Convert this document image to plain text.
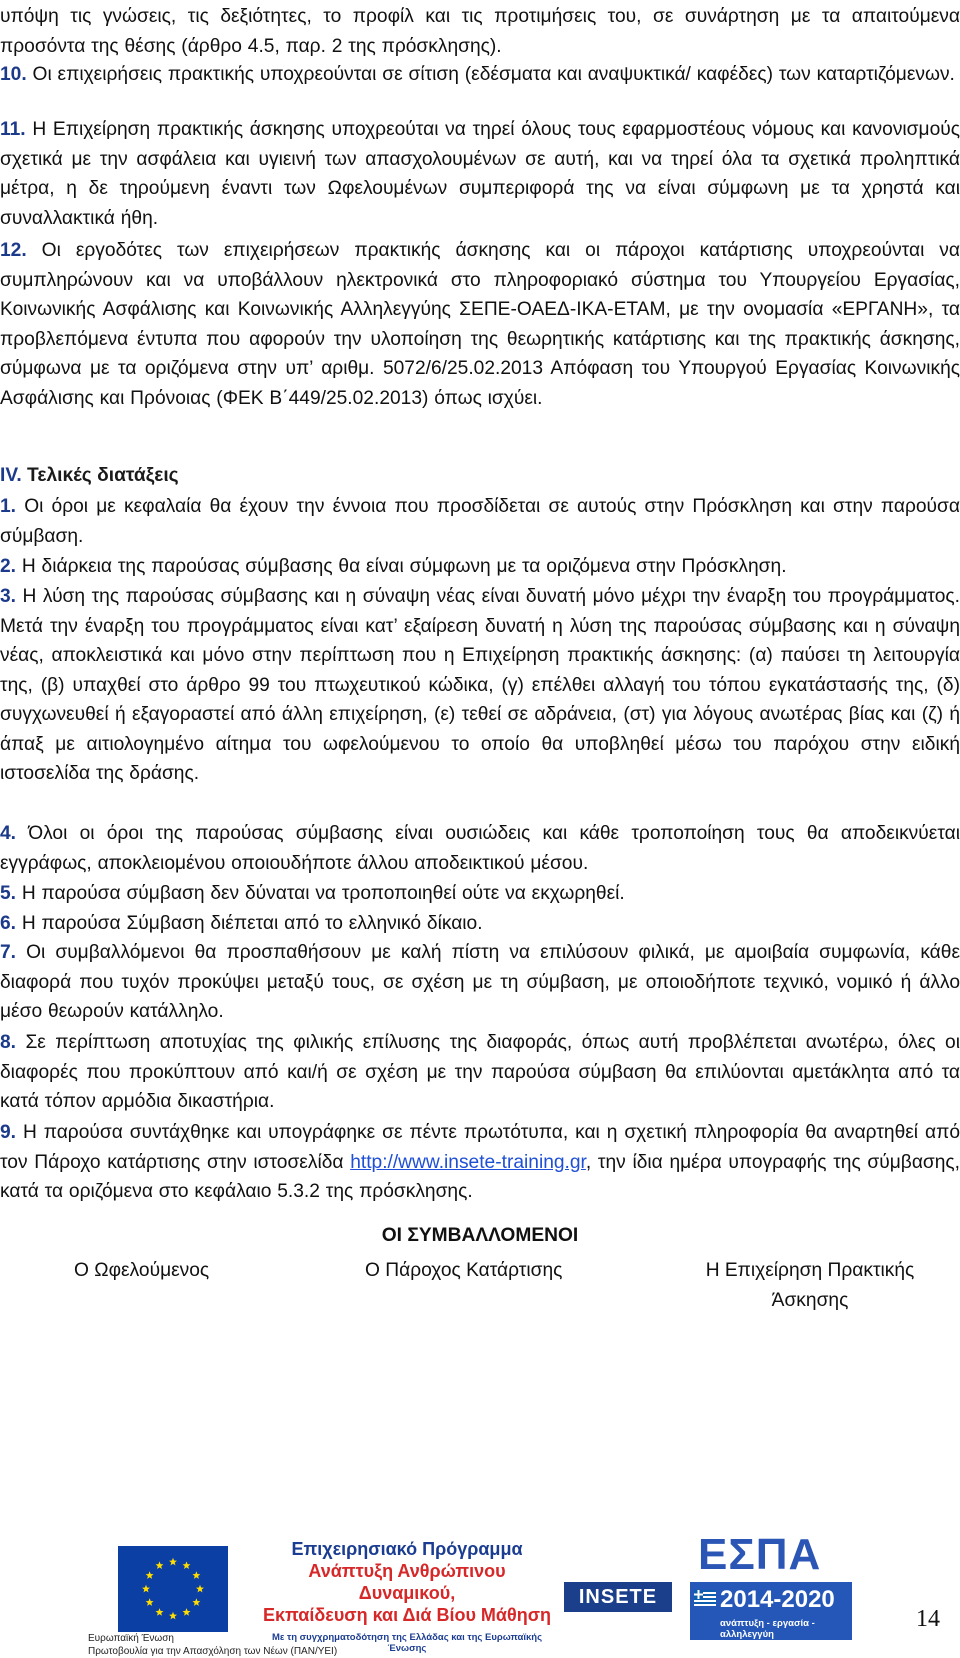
υπόψη τις γνώσεις, τις δεξιότητες, το προφίλ και τις προτιμήσεις του, σε συνάρτηση με τα απαιτούμενα προσόντα της θέσης (άρθρο 4.5, παρ. 2 της πρόσκλησης).

10. Οι επιχειρήσεις πρακτικής υποχρεούνται σε σίτιση (εδέσματα και αναψυκτικά/ καφέδες) των καταρτιζόμενων.

11. Η Επιχείρηση πρακτικής άσκησης υποχρεούται να τηρεί όλους τους εφαρμοστέους νόμους και κανονισμούς σχετικά με την ασφάλεια και υγιεινή των απασχολουμένων σε αυτή, και να τηρεί όλα τα σχετικά προληπτικά μέτρα, η δε τηρούμενη έναντι των Ωφελουμένων συμπεριφορά της να είναι σύμφωνη με τα χρηστά και συναλλακτικά ήθη.

12. Οι εργοδότες των επιχειρήσεων πρακτικής άσκησης και οι πάροχοι κατάρτισης υποχρεούνται να συμπληρώνουν και να υποβάλλουν ηλεκτρονικά στο πληροφοριακό σύστημα του Υπουργείου Εργασίας, Κοινωνικής Ασφάλισης και Κοινωνικής Αλληλεγγύης ΣΕΠΕ-ΟΑΕΔ-ΙΚΑ-ΕΤΑΜ, με την ονομασία «ΕΡΓΑΝΗ», τα προβλεπόμενα έντυπα που αφορούν την υλοποίηση της θεωρητικής κατάρτισης και της πρακτικής άσκησης, σύμφωνα με τα οριζόμενα στην υπ’ αριθμ. 5072/6/25.02.2013 Απόφαση του Υπουργού Εργασίας Κοινωνικής Ασφάλισης και Πρόνοιας (ΦΕΚ Β΄449/25.02.2013) όπως ισχύει.

IV. Τελικές διατάξεις

1. Οι όροι με κεφαλαία θα έχουν την έννοια που προσδίδεται σε αυτούς στην Πρόσκληση και στην παρούσα σύμβαση.

2. Η διάρκεια της παρούσας σύμβασης θα είναι σύμφωνη με τα οριζόμενα στην Πρόσκληση.

3. Η λύση της παρούσας σύμβασης και η σύναψη νέας είναι δυνατή μόνο μέχρι την έναρξη του προγράμματος. Μετά την έναρξη του προγράμματος είναι κατ’ εξαίρεση δυνατή η λύση της παρούσας σύμβασης και η σύναψη νέας, αποκλειστικά και μόνο στην περίπτωση που η Επιχείρηση πρακτικής άσκησης: (α) παύσει τη λειτουργία της, (β) υπαχθεί στο άρθρο 99 του πτωχευτικού κώδικα, (γ) επέλθει αλλαγή του τόπου εγκατάστασής της, (δ) συγχωνευθεί ή εξαγοραστεί από άλλη επιχείρηση, (ε) τεθεί σε αδράνεια, (στ) για λόγους ανωτέρας βίας και (ζ) ή άπαξ με αιτιολογημένο αίτημα του ωφελούμενου το οποίο θα υποβληθεί μέσω του παρόχου στην ειδική ιστοσελίδα της δράσης.

4. Όλοι οι όροι της παρούσας σύμβασης είναι ουσιώδεις και κάθε τροποποίηση τους θα αποδεικνύεται εγγράφως, αποκλειομένου οποιουδήποτε άλλου αποδεικτικού μέσου.

5. Η παρούσα σύμβαση δεν δύναται να τροποποιηθεί ούτε να εκχωρηθεί.

6. Η παρούσα Σύμβαση διέπεται από το ελληνικό δίκαιο.

7. Οι συμβαλλόμενοι θα προσπαθήσουν με καλή πίστη να επιλύσουν φιλικά, με αμοιβαία συμφωνία, κάθε διαφορά που τυχόν προκύψει μεταξύ τους, σε σχέση με τη σύμβαση, με οποιοδήποτε τεχνικό, νομικό ή άλλο μέσο θεωρούν κατάλληλο.

8. Σε περίπτωση αποτυχίας της φιλικής επίλυσης της διαφοράς, όπως αυτή προβλέπεται ανωτέρω, όλες οι διαφορές που προκύπτουν από και/ή σε σχέση με την παρούσα σύμβαση θα επιλύονται αμετάκλητα από τα κατά τόπον αρμόδια δικαστήρια.

9. Η παρούσα συντάχθηκε και υπογράφηκε σε πέντε πρωτότυπα, και η σχετική πληροφορία θα αναρτηθεί από τον Πάροχο κατάρτισης στην ιστοσελίδα http://www.insete-training.gr, την ίδια ημέρα υπογραφής της σύμβασης, κατά τα οριζόμενα στο κεφάλαιο 5.3.2 της πρόσκλησης.

ΟΙ ΣΥΜΒΑΛΛΟΜΕΝΟΙ
Ο Ωφελούμενος	Ο Πάροχος Κατάρτισης	Η Επιχείρηση Πρακτικής
Άσκησης
Επιχειρησιακό Πρόγραμμα
Ανάπτυξη Ανθρώπινου Δυναμικού,
Εκπαίδευση και Διά Βίου Μάθηση
Με τη συγχρηματοδότηση της Ελλάδας και της Ευρωπαϊκής Ένωσης
INSETE
ΕΣΠΑ
2014-2020
ανάπτυξη - εργασία - αλληλεγγύη
Ευρωπαϊκή Ένωση
Πρωτοβουλία για την Απασχόληση των Νέων (ΠΑΝ/ΥΕΙ)
14
